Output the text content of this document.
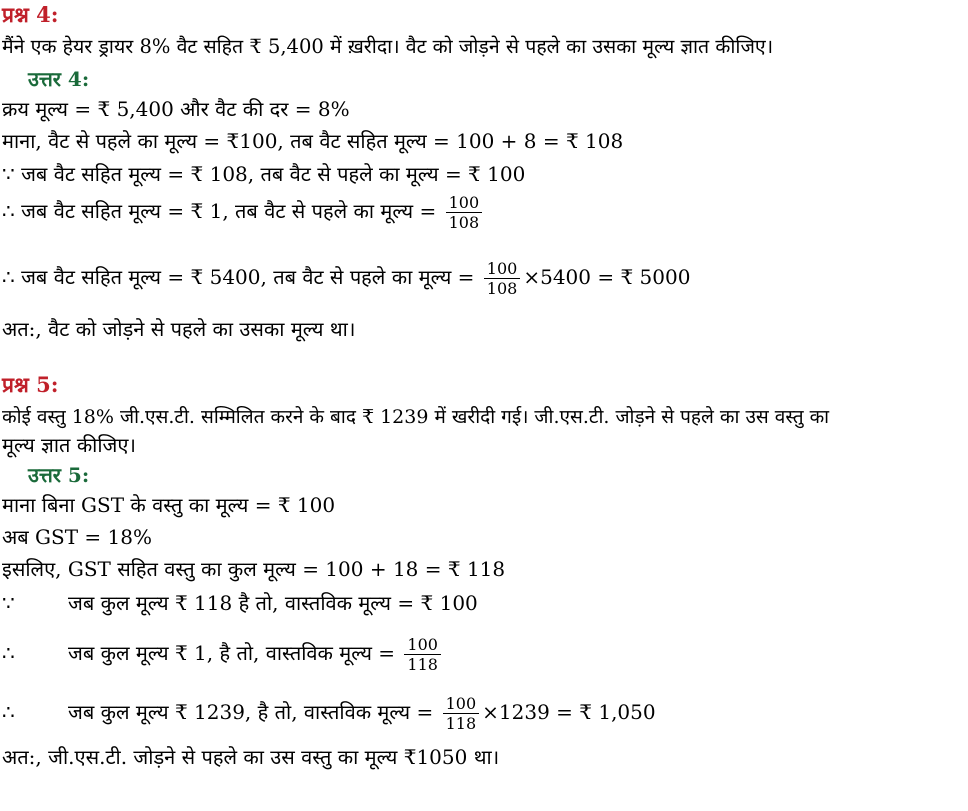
प्रश्न 4:
मैंने एक हेयर ड्रायर 8% वैट सहित ₹ 5,400 में ख़रीदा। वैट को जोड़ने से पहले का उसका मूल्य ज्ञात कीजिए।
उत्तर 4:
क्रय मूल्य = ₹ 5,400 और वैट की दर = 8%
माना, वैट से पहले का मूल्य = ₹100, तब वैट सहित मूल्य = 100 + 8 = ₹ 108
∵ जब वैट सहित मूल्य = ₹ 108, तब वैट से पहले का मूल्य = ₹ 100
∴ जब वैट सहित मूल्य = ₹ 1, तब वैट से पहले का मूल्य = $\frac{100}{108}$
∴ जब वैट सहित मूल्य = ₹ 5400, तब वैट से पहले का मूल्य = $\frac{100}{108} \times 5400$ = ₹ 5000
अत:, वैट को जोड़ने से पहले का उसका मूल्य था।
प्रश्न 5:
कोई वस्तु 18% जी.एस.टी. सम्मिलित करने के बाद ₹ 1239 में खरीदी गई। जी.एस.टी. जोड़ने से पहले का उस वस्तु का
मूल्य ज्ञात कीजिए।
उत्तर 5:
माना बिना GST के वस्तु का मूल्य = ₹ 100
अब GST = 18%
इसलिए, GST सहित वस्तु का कुल मूल्य = 100 + 18 = ₹ 118
∵	जब कुल मूल्य ₹ 118 है तो, वास्तविक मूल्य = ₹ 100
∴	जब कुल मूल्य ₹ 1, है तो, वास्तविक मूल्य = $\frac{100}{118}$
∴	जब कुल मूल्य ₹ 1239, है तो, वास्तविक मूल्य = $\frac{100}{118} \times 1239$ = ₹ 1,050
अत:, जी.एस.टी. जोड़ने से पहले का उस वस्तु का मूल्य ₹1050 था।
